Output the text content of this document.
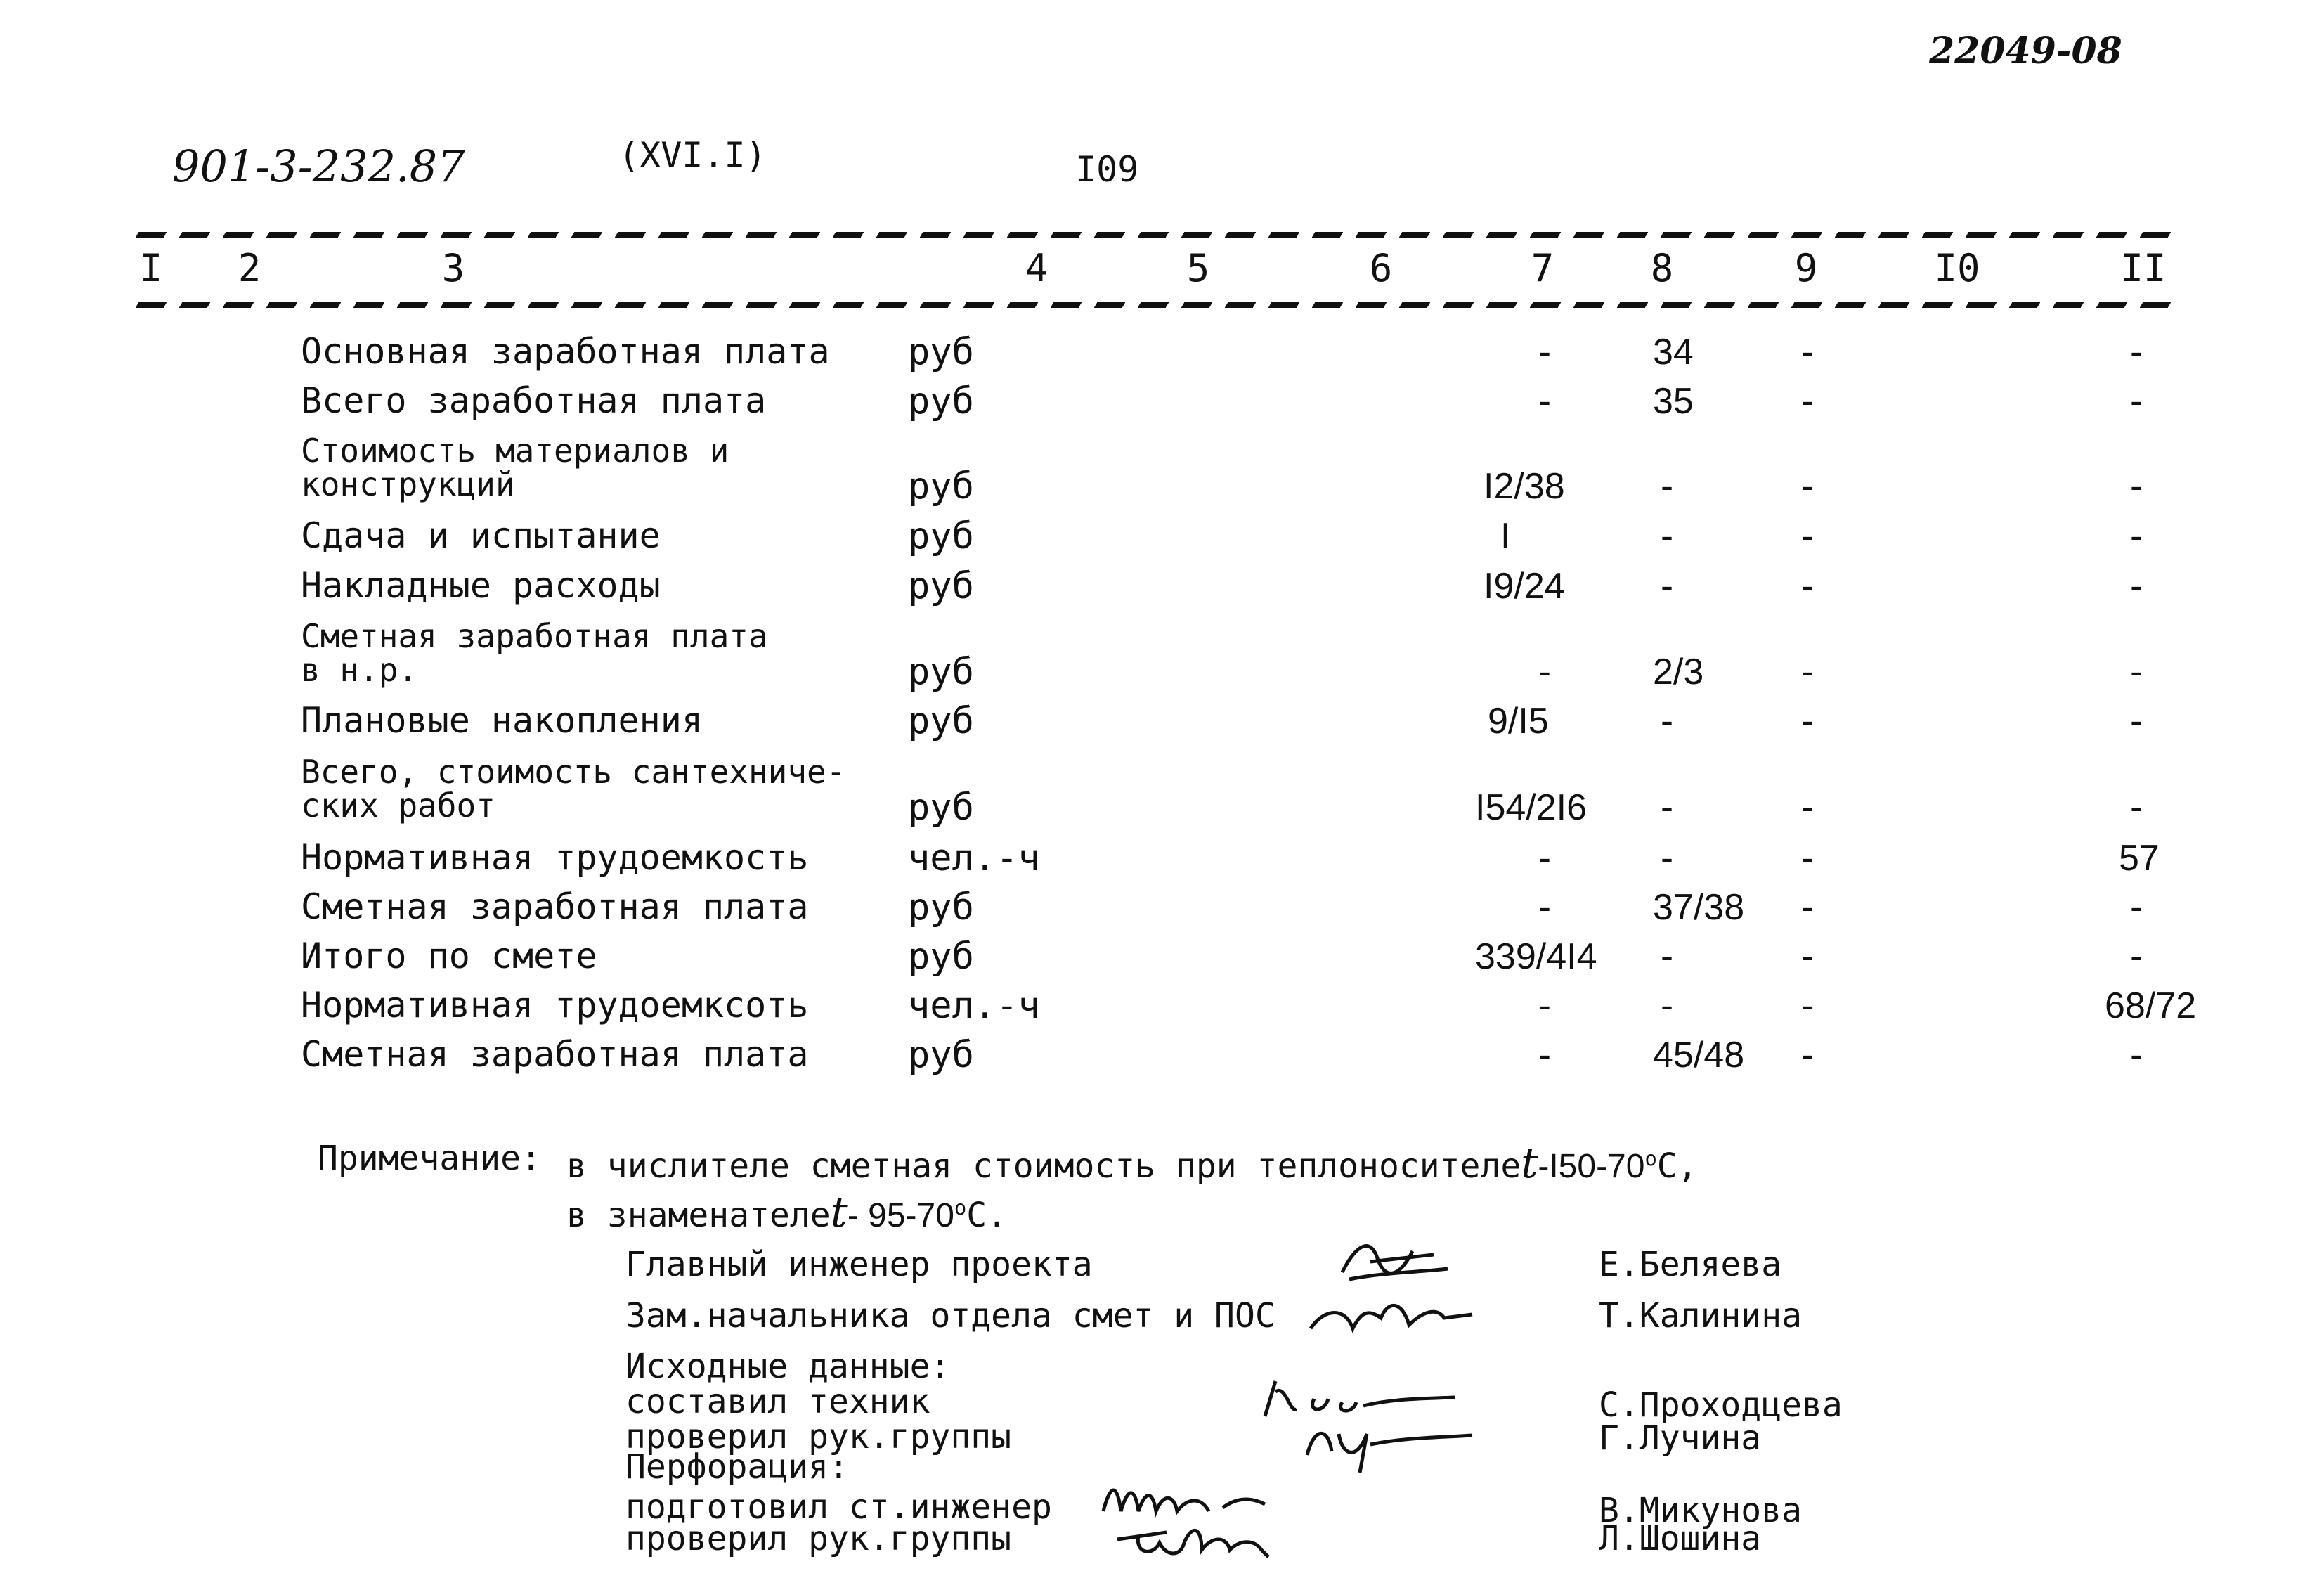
22049-08
901-3-232.87	(XVI.I)	I09
I 2	3	4	5	6	7	8	9	I0	II
Основная заработная плата руб	-	34	-	-
Всего заработная плата	руб	-	35	-	-
Стоимость материалов и
конструкций	руб	I2/38 -	-	-
Сдача и испытание	руб	I	-	-	-
Накладные расходы	руб	I9/24 -	-	-
Сметная заработная плата
в н.р.	руб	-	2/3	-	-
Плановые накопления	руб	9/I5	-	-	-
Всего, стоимость сантехниче-
ских работ	руб	I54/2I6 -	-	-
Нормативная трудоемкость	чел.-ч	-	-	-	57
Сметная заработная плата	руб	-	37/38 -	-
Итого по смете	руб	339/4I4 -	-	-
Нормативная трудоемксоть	чел.-ч	-	-	-	68/72
Сметная заработная плата	руб	-	45/48 -	-
Примечание: в числителе сметная стоимость при теплоносителеt-I50-70$^o$C,
в знаменателеt- 95-70$^o$C.
Главный инженер проекта	Е.Беляева
Зам.начальника отдела смет и ПОС	Т.Калинина
Исходные данные:
составил техник	С.Проходцева
проверил рук.группы	Г.Лучина
Перфорация:
подготовил ст.инженер	В.Микунова
проверил рук.группы	Л.Шошина
